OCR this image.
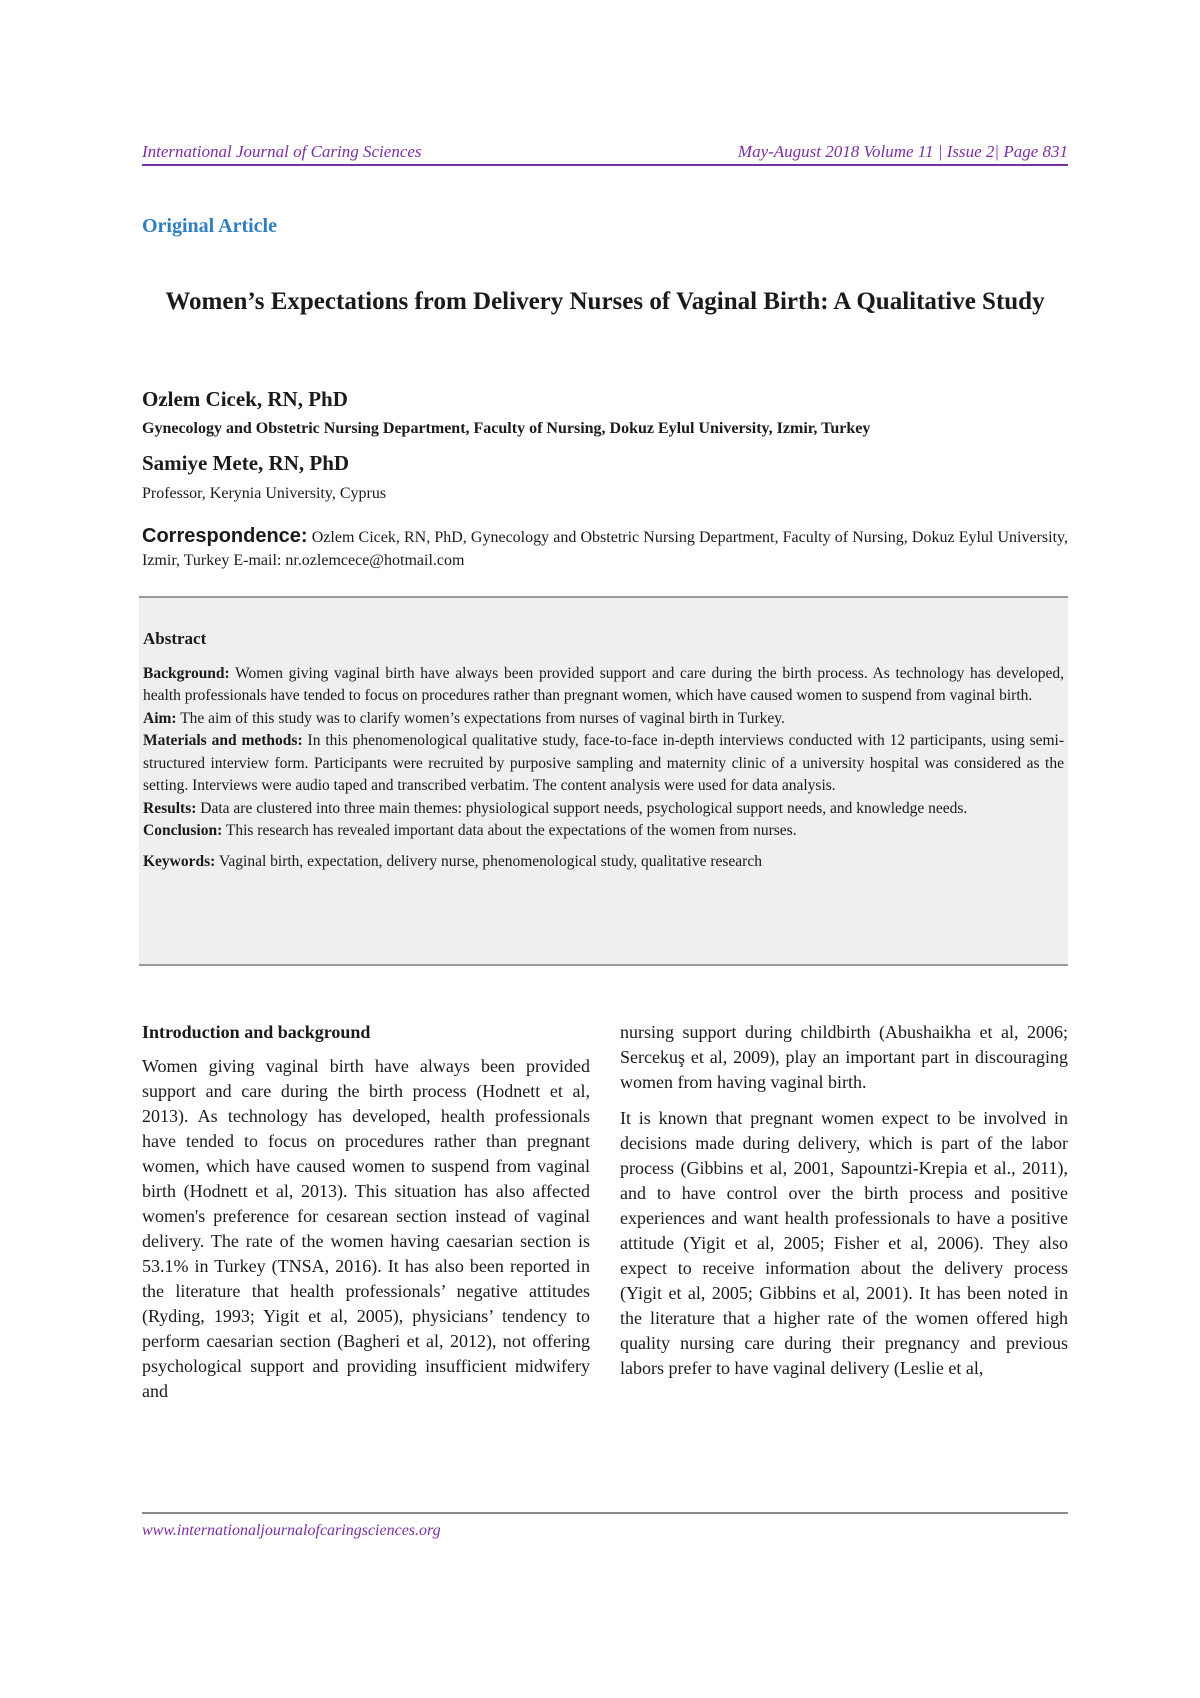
International Journal of Caring Sciences	May-August 2018 Volume 11 | Issue 2| Page 831
Original Article
Women’s Expectations from Delivery Nurses of Vaginal Birth: A Qualitative Study
Ozlem Cicek, RN, PhD
Gynecology and Obstetric Nursing Department, Faculty of Nursing, Dokuz Eylul University, Izmir, Turkey
Samiye Mete, RN, PhD
Professor, Kerynia University, Cyprus
Correspondence: Ozlem Cicek, RN, PhD, Gynecology and Obstetric Nursing Department, Faculty of Nursing, Dokuz Eylul University, Izmir, Turkey E-mail: nr.ozlemcece@hotmail.com
Abstract

Background: Women giving vaginal birth have always been provided support and care during the birth process. As technology has developed, health professionals have tended to focus on procedures rather than pregnant women, which have caused women to suspend from vaginal birth.

Aim: The aim of this study was to clarify women’s expectations from nurses of vaginal birth in Turkey.

Materials and methods: In this phenomenological qualitative study, face-to-face in-depth interviews conducted with 12 participants, using semi-structured interview form. Participants were recruited by purposive sampling and maternity clinic of a university hospital was considered as the setting. Interviews were audio taped and transcribed verbatim. The content analysis were used for data analysis.

Results: Data are clustered into three main themes: physiological support needs, psychological support needs, and knowledge needs.

Conclusion: This research has revealed important data about the expectations of the women from nurses.

Keywords: Vaginal birth, expectation, delivery nurse, phenomenological study, qualitative research

Introduction and background

Women giving vaginal birth have always been provided support and care during the birth process (Hodnett et al, 2013). As technology has developed, health professionals have tended to focus on procedures rather than pregnant women, which have caused women to suspend from vaginal birth (Hodnett et al, 2013). This situation has also affected women's preference for cesarean section instead of vaginal delivery. The rate of the women having caesarian section is 53.1% in Turkey (TNSA, 2016). It has also been reported in the literature that health professionals’ negative attitudes (Ryding, 1993; Yigit et al, 2005), physicians’ tendency to perform caesarian section (Bagheri et al, 2012), not offering psychological support and providing insufficient midwifery and

nursing support during childbirth (Abushaikha et al, 2006; Sercekuş et al, 2009), play an important part in discouraging women from having vaginal birth.

It is known that pregnant women expect to be involved in decisions made during delivery, which is part of the labor process (Gibbins et al, 2001, Sapountzi-Krepia et al., 2011), and to have control over the birth process and positive experiences and want health professionals to have a positive attitude (Yigit et al, 2005; Fisher et al, 2006). They also expect to receive information about the delivery process (Yigit et al, 2005; Gibbins et al, 2001). It has been noted in the literature that a higher rate of the women offered high quality nursing care during their pregnancy and previous labors prefer to have vaginal delivery (Leslie et al,

www.internationaljournalofcaringsciences.org
